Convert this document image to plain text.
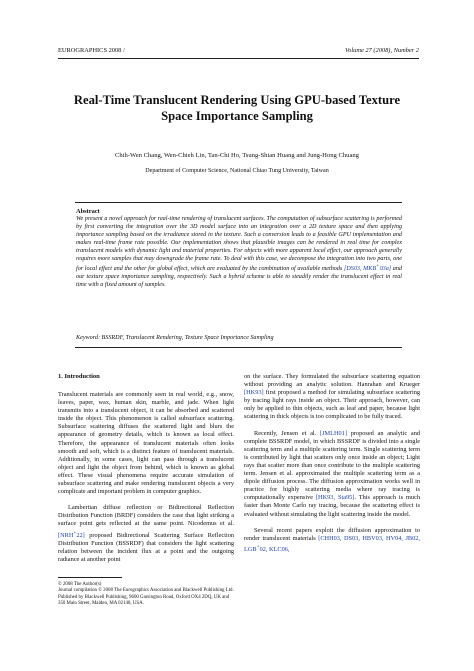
EUROGRAPHICS 2008 /	Volume 27 (2008), Number 2
Real-Time Translucent Rendering Using GPU-based Texture
Space Importance Sampling
Chih-Wen Chang, Wen-Chieh Lin, Tan-Chi Ho, Tsung-Shian Huang and Jung-Hong Chuang
Department of Computer Science, National Chiao Tung University, Taiwan
Abstract

We present a novel approach for real-time rendering of translucent surfaces. The computation of subsurface scattering is performed by first converting the integration over the 3D model surface into an integration over a 2D texture space and then applying importance sampling based on the irradiance stored in the texture. Such a conversion leads to a feasible GPU implementation and makes real-time frame rate possible. Our implementation shows that plausible images can be rendered in real time for complex translucent models with dynamic light and material properties. For objects with more apparent local effect, our approach generally requires more samples that may downgrade the frame rate. To deal with this case, we decompose the integration into two parts, one for local effect and the other for global effect, which are evaluated by the combination of available methods [DS03, MKB+03a] and our texture space importance sampling, respectively. Such a hybrid scheme is able to steadily render the translucent effect in real time with a fixed amount of samples.

Keyword: BSSRDF, Translucent Rendering, Texture Space Importance Sampling
1. Introduction

Translucent materials are commonly seen in real world, e.g., snow, leaves, paper, wax, human skin, marble, and jade. When light transmits into a translucent object, it can be absorbed and scattered inside the object. This phenomenon is called subsurface scattering. Subsurface scattering diffuses the scattered light and blurs the appearance of geometry details, which is known as local effect. Therefore, the appearance of translucent materials often looks smooth and soft, which is a distinct feature of translucent materials. Additionally, in some cases, light can pass through a translucent object and light the object from behind, which is known as global effect. These visual phenomena require accurate simulation of subsurface scattering and make rendering translucent objects a very complicate and important problem in computer graphics.

Lambertian diffuse reflection or Bidirectional Reflection Distribution Function (BRDF) considers the case that light striking a surface point gets reflected at the same point. Nicodemus et al. [NRH+22] proposed Bidirectional Scattering Surface Reflection Distribution Function (BSSRDF) that considers the light scattering relation between the incident flux at a point and the outgoing radiance at another point

on the surface. They formulated the subsurface scattering equation without providing an analytic solution. Hanrahan and Krueger [HK93] first proposed a method for simulating subsurface scattering by tracing light rays inside an object. Their approach, however, can only be applied to thin objects, such as leaf and paper, because light scattering in thick objects is too complicated to be fully traced.

Recently, Jensen et al. [JMLH01] proposed an analytic and complete BSSRDF model, in which BSSRDF is divided into a single scattering term and a multiple scattering term. Single scattering term is contributed by light that scatters only once inside an object; Light rays that scatter more than once contribute to the multiple scattering term. Jensen et al. approximated the multiple scattering term as a dipole diffusion process. The diffusion approximation works well in practice for highly scattering media where ray tracing is computationally expensive [HK93, Sta95]. This approach is much faster than Monte Carlo ray tracing, because the scattering effect is evaluated without simulating the light scattering inside the model.

Several recent papers exploit the diffusion approximation to render translucent materials [CHH03, DS03, HBV03, HV04, JB02, LGB+02, KLC06,

© 2008 The Author(s)
Journal compilation © 2008 The Eurographics Association and Blackwell Publishing Ltd.
Published by Blackwell Publishing, 9600 Garsington Road, Oxford OX4 2DQ, UK and
350 Main Street, Malden, MA 02148, USA.
